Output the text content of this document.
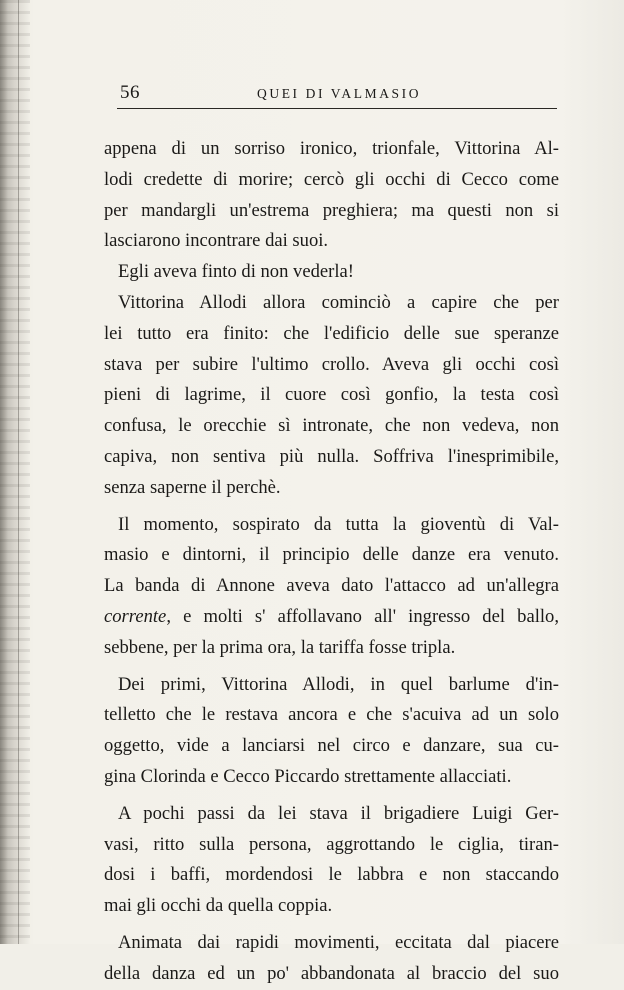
56	QUEI DI VALMASIO
appena di un sorriso ironico, trionfale, Vittorina Al-
lodi credette di morire; cercò gli occhi di Cecco come
per mandargli un'estrema preghiera; ma questi non si
lasciarono incontrare dai suoi.
Egli aveva finto di non vederla!
Vittorina Allodi allora cominciò a capire che per
lei tutto era finito: che l'edificio delle sue speranze
stava per subire l'ultimo crollo. Aveva gli occhi così
pieni di lagrime, il cuore così gonfio, la testa così
confusa, le orecchie sì intronate, che non vedeva, non
capiva, non sentiva più nulla. Soffriva l'inesprimibile,
senza saperne il perchè.
Il momento, sospirato da tutta la gioventù di Val-
masio e dintorni, il principio delle danze era venuto.
La banda di Annone aveva dato l'attacco ad un'allegra
corrente, e molti s' affollavano all' ingresso del ballo,
sebbene, per la prima ora, la tariffa fosse tripla.
Dei primi, Vittorina Allodi, in quel barlume d'in-
telletto che le restava ancora e che s'acuiva ad un solo
oggetto, vide a lanciarsi nel circo e danzare, sua cu-
gina Clorinda e Cecco Piccardo strettamente allacciati.
A pochi passi da lei stava il brigadiere Luigi Ger-
vasi, ritto sulla persona, aggrottando le ciglia, tiran-
dosi i baffi, mordendosi le labbra e non staccando
mai gli occhi da quella coppia.
Animata dai rapidi movimenti, eccitata dal piacere
della danza ed un po' abbandonata al braccio del suo
